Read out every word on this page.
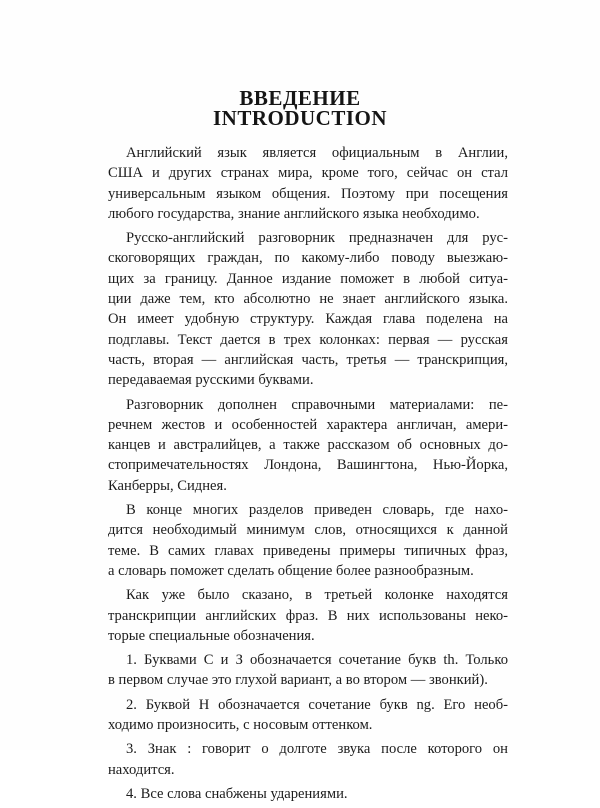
ВВЕДЕНИЕ
INTRODUCTION
Английский язык является официальным в Англии,
США и других странах мира, кроме того, сейчас он стал
универсальным языком общения. Поэтому при посещения
любого государства, знание английского языка необходимо.
Русско-английский разговорник предназначен для рус-
скоговорящих граждан, по какому-либо поводу выезжаю-
щих за границу. Данное издание поможет в любой ситуа-
ции даже тем, кто абсолютно не знает английского языка.
Он имеет удобную структуру. Каждая глава поделена на
подглавы. Текст дается в трех колонках: первая — русская
часть, вторая — английская часть, третья — транскрипция,
передаваемая русскими буквами.
Разговорник дополнен справочными материалами: пе-
речнем жестов и особенностей характера англичан, амери-
канцев и австралийцев, а также рассказом об основных до-
стопримечательностях Лондона, Вашингтона, Нью-Йорка,
Канберры, Сиднея.
В конце многих разделов приведен словарь, где нахо-
дится необходимый минимум слов, относящихся к данной
теме. В самих главах приведены примеры типичных фраз,
а словарь поможет сделать общение более разнообразным.
Как уже было сказано, в третьей колонке находятся
транскрипции английских фраз. В них использованы неко-
торые специальные обозначения.
1. Буквами С и З обозначается сочетание букв th. Только
в первом случае это глухой вариант, а во втором — звонкий).
2. Буквой Н обозначается сочетание букв ng. Его необ-
ходимо произносить, с носовым оттенком.
3. Знак : говорит о долготе звука после которого он
находится.
4. Все слова снабжены ударениями.
